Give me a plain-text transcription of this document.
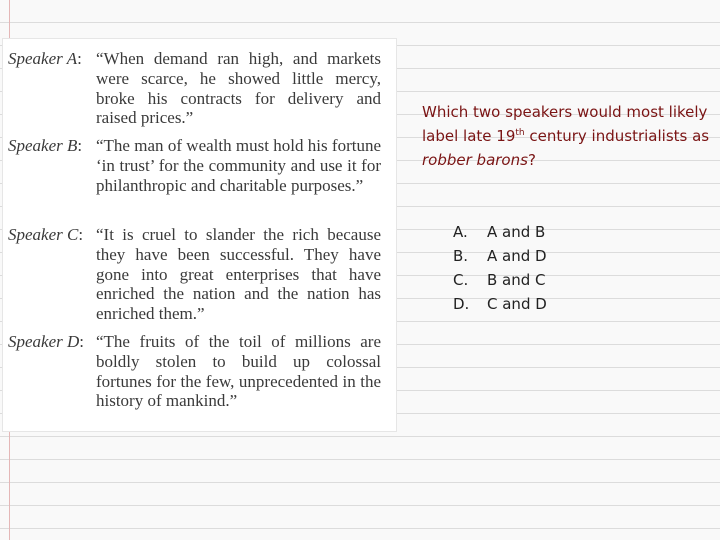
Speaker A: “When demand ran high, and markets were scarce, he showed little mercy, broke his contracts for delivery and raised prices.”
Speaker B: “The man of wealth must hold his fortune ‘in trust’ for the community and use it for philanthropic and charitable purposes.”
Speaker C: “It is cruel to slander the rich because they have been successful. They have gone into great enterprises that have enriched the nation and the nation has enriched them.”
Speaker D: “The fruits of the toil of millions are boldly stolen to build up colossal fortunes for the few, unprecedented in the history of mankind.”
Which two speakers would most likely label late 19th century industrialists as robber barons?
A.	A and B
B.	A and D
C.	B and C
D.	C and D
